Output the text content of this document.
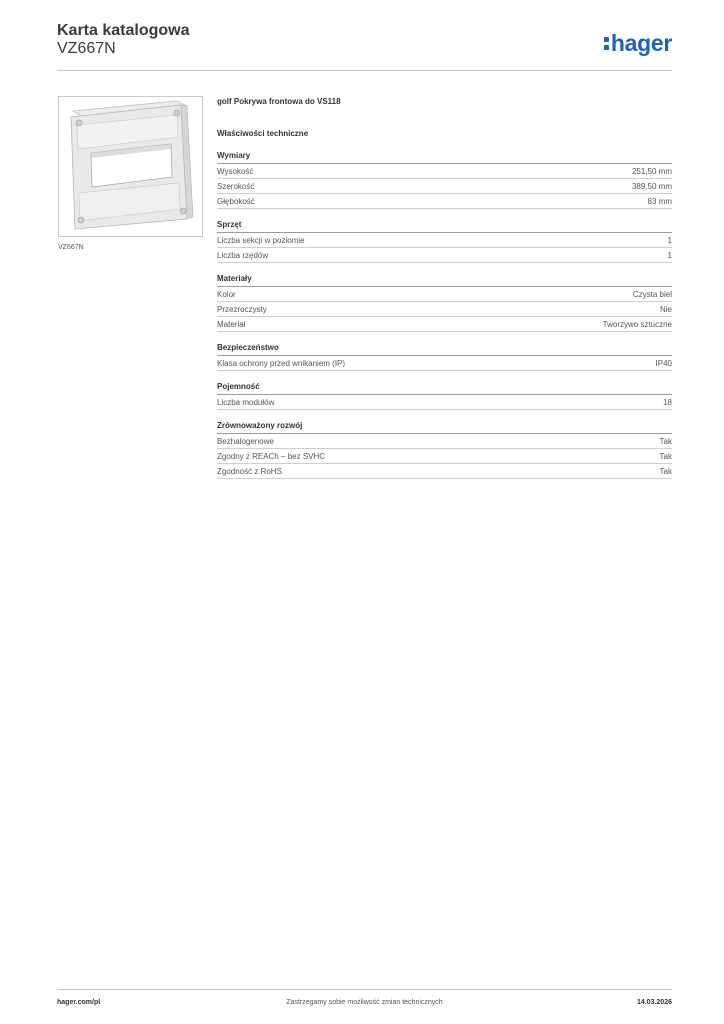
Karta katalogowa
VZ667N	hager
VZ667N
golf Pokrywa frontowa do VS118
Właściwości techniczne
Wymiary
Wysokość	251,50 mm
Szerokość	389,50 mm
Głębokość	83 mm
Sprzęt
Liczba sekcji w poziomie	1
Liczba rzędów	1
Materiały
Kolor	Czysta biel
Przezroczysty	Nie
Materiał	Tworzywo sztuczne
Bezpieczeństwo
Klasa ochrony przed wnikaniem (IP)	IP40
Pojemność
Liczba modułów	18
Zrównoważony rozwój
Bezhalogenowe	Tak
Zgodny z REACh – bez SVHC	Tak
Zgodność z RoHS	Tak
hager.com/pl	Zastrzegamy sobie możliwość zmian technicznych	14.03.2026
